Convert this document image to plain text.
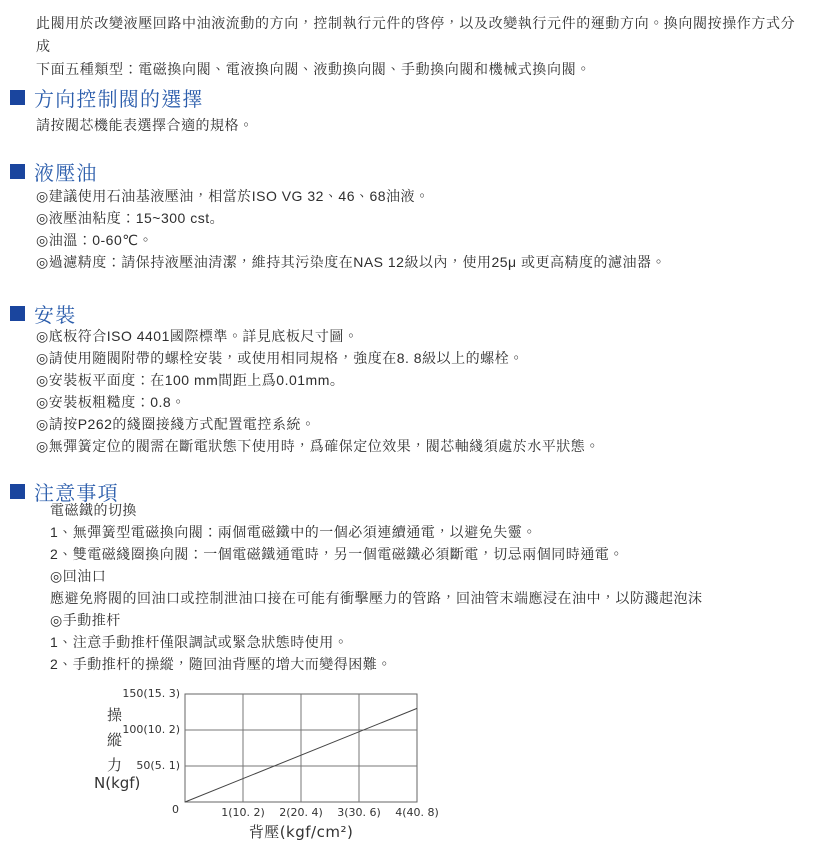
此閥用於改變液壓回路中油液流動的方向，控制執行元件的啓停，以及改變執行元件的運動方向。換向閥按操作方式分成
下面五種類型：電磁換向閥、電液換向閥、液動換向閥、手動換向閥和機械式換向閥。
方向控制閥的選擇
請按閥芯機能表選擇合適的規格。
液壓油
◎建議使用石油基液壓油，相當於ISO VG 32、46、68油液。
◎液壓油粘度：15~300 cst。
◎油溫：0-60℃。
◎過濾精度：請保持液壓油清潔，維持其污染度在NAS 12級以內，使用25μ 或更高精度的濾油器。
安裝
◎底板符合ISO 4401國際標準。詳見底板尺寸圖。
◎請使用隨閥附帶的螺栓安裝，或使用相同規格，強度在8. 8級以上的螺栓。
◎安裝板平面度：在100 mm間距上爲0.01mm。
◎安裝板粗糙度：0.8。
◎請按P262的綫圈接綫方式配置電控系統。
◎無彈簧定位的閥需在斷電狀態下使用時，爲確保定位效果，閥芯軸綫須處於水平狀態。
注意事項
電磁鐵的切換
1、無彈簧型電磁換向閥：兩個電磁鐵中的一個必須連續通電，以避免失靈。
2、雙電磁綫圈換向閥：一個電磁鐵通電時，另一個電磁鐵必須斷電，切忌兩個同時通電。
◎回油口
應避免將閥的回油口或控制泄油口接在可能有衝擊壓力的管路，回油管末端應浸在油中，以防濺起泡沫
◎手動推杆
1、注意手動推杆僅限調試或緊急狀態時使用。
2、手動推杆的操縱，隨回油背壓的增大而變得困難。
0	1(10. 2)	2(20. 4)	3(30. 6)	4(40. 8)
50(5. 1)
100(10. 2)
150(15. 3)
背壓(kgf/cm²)
操
縱
力
N(kgf)
